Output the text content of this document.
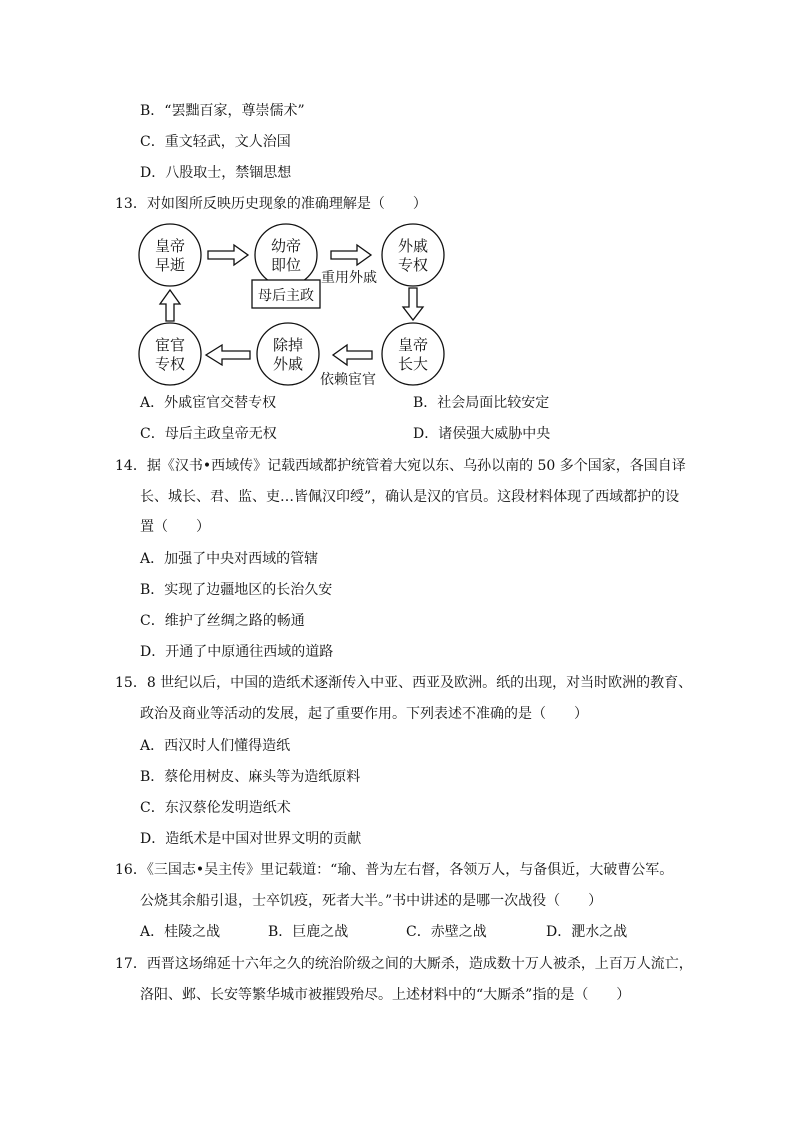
B．“罢黜百家，尊崇儒术”
C．重文轻武，文人治国
D．八股取士，禁锢思想
13．对如图所反映历史现象的准确理解是（　　）
皇帝
早逝
幼帝
即位
外戚
专权
皇帝
长大
除掉
外戚
宦官
专权
母后主政
重用外戚
依赖宦官
A．外戚宦官交替专权	B．社会局面比较安定
C．母后主政皇帝无权	D．诸侯强大威胁中央
14．据《汉书•西域传》记载西域都护统管着大宛以东、乌孙以南的 50 多个国家，各国自译
长、城长、君、监、吏…皆佩汉印绶”，确认是汉的官员。这段材料体现了西域都护的设
置（　　）
A．加强了中央对西域的管辖
B．实现了边疆地区的长治久安
C．维护了丝绸之路的畅通
D．开通了中原通往西域的道路
15．8 世纪以后，中国的造纸术逐渐传入中亚、西亚及欧洲。纸的出现，对当时欧洲的教育、
政治及商业等活动的发展，起了重要作用。下列表述不准确的是（　　）
A．西汉时人们懂得造纸
B．蔡伦用树皮、麻头等为造纸原料
C．东汉蔡伦发明造纸术
D．造纸术是中国对世界文明的贡献
16．《三国志•吴主传》里记载道：“瑜、普为左右督，各领万人，与备俱近，大破曹公军。
公烧其余船引退，士卒饥疫，死者大半。”书中讲述的是哪一次战役（　　）
A．桂陵之战	B．巨鹿之战	C．赤壁之战	D．淝水之战
17．西晋这场绵延十六年之久的统治阶级之间的大厮杀，造成数十万人被杀，上百万人流亡，
洛阳、邺、长安等繁华城市被摧毁殆尽。上述材料中的“大厮杀”指的是（　　）
